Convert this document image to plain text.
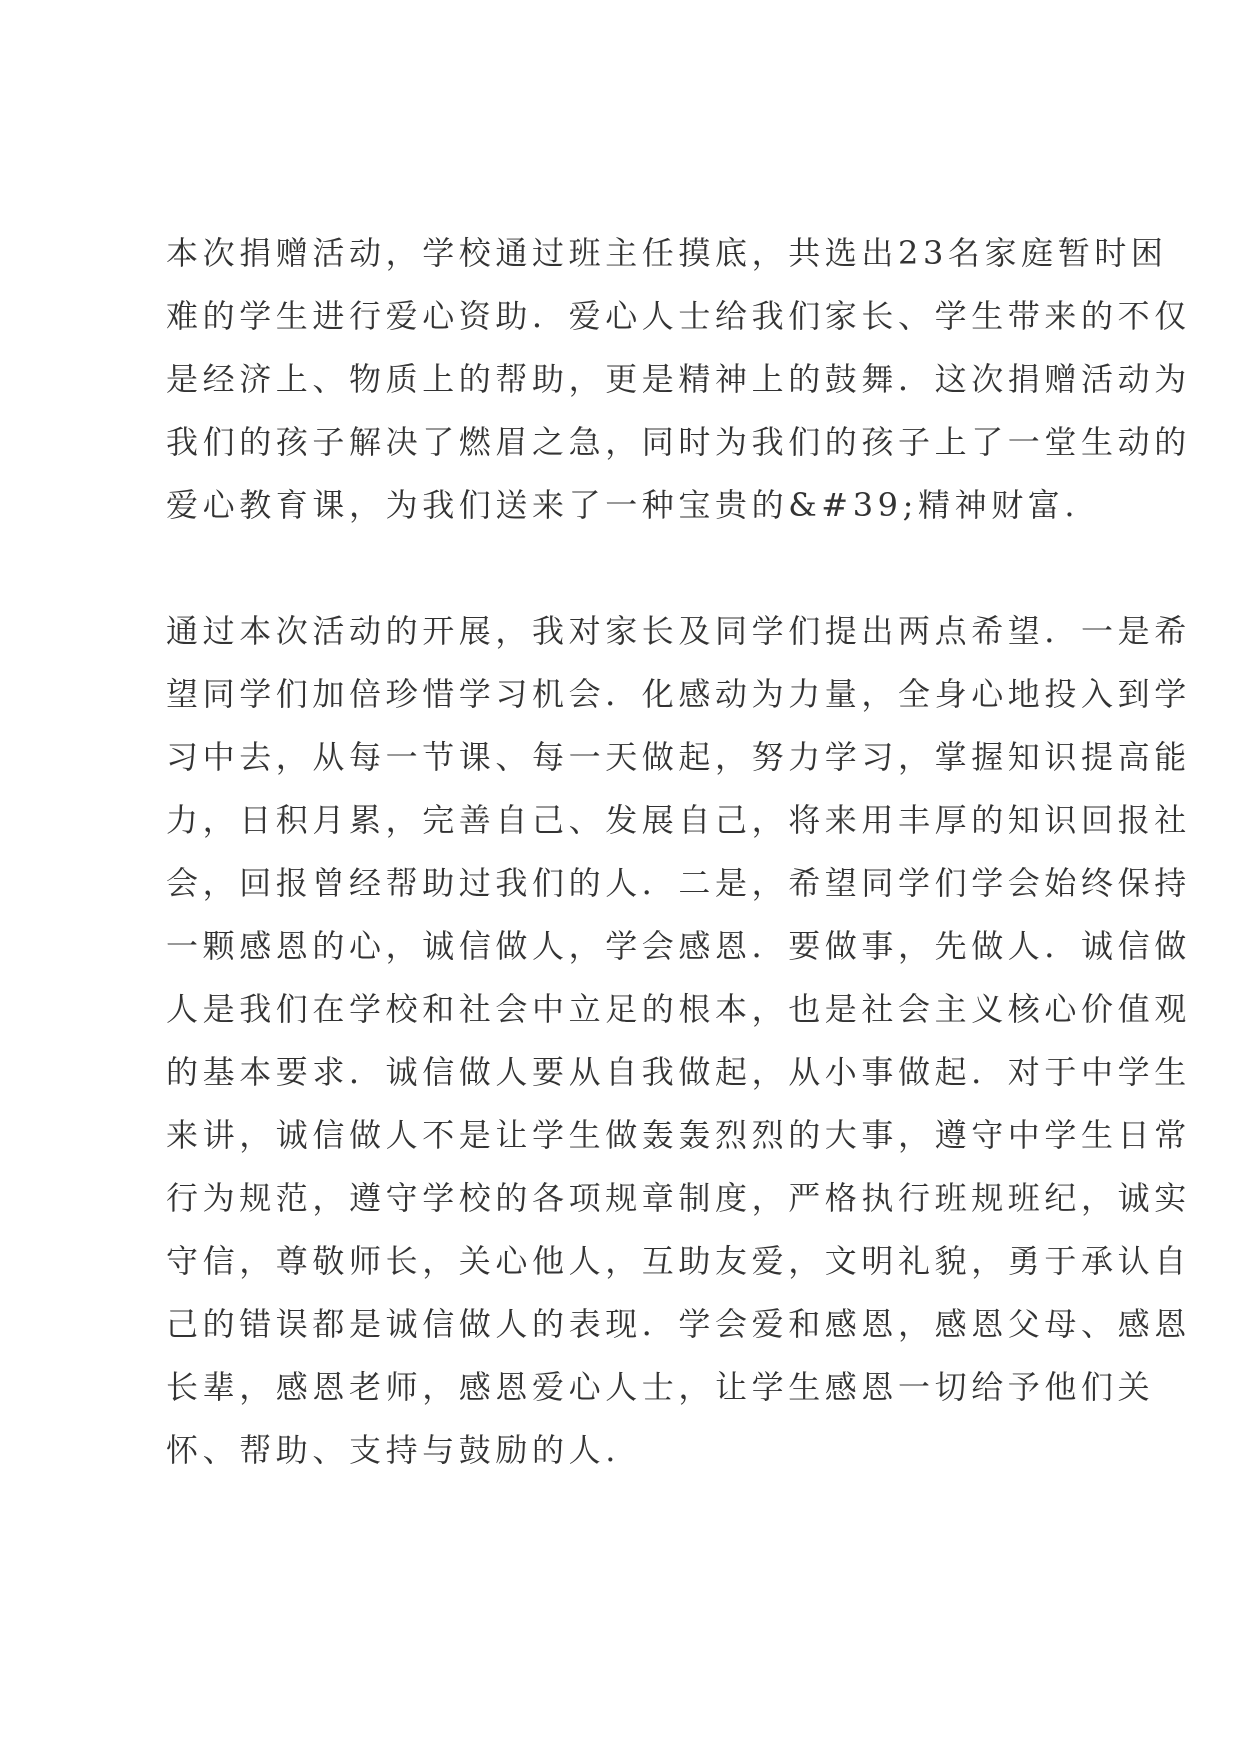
本次捐赠活动，学校通过班主任摸底，共选出23名家庭暂时困
难的学生进行爱心资助．爱心人士给我们家长、学生带来的不仅
是经济上、物质上的帮助，更是精神上的鼓舞．这次捐赠活动为
我们的孩子解决了燃眉之急，同时为我们的孩子上了一堂生动的
爱心教育课，为我们送来了一种宝贵的&#39;精神财富.
通过本次活动的开展，我对家长及同学们提出两点希望．一是希
望同学们加倍珍惜学习机会．化感动为力量，全身心地投入到学
习中去，从每一节课、每一天做起，努力学习，掌握知识提高能
力，日积月累，完善自己、发展自己，将来用丰厚的知识回报社
会，回报曾经帮助过我们的人．二是，希望同学们学会始终保持
一颗感恩的心，诚信做人，学会感恩．要做事，先做人．诚信做
人是我们在学校和社会中立足的根本，也是社会主义核心价值观
的基本要求．诚信做人要从自我做起，从小事做起．对于中学生
来讲，诚信做人不是让学生做轰轰烈烈的大事，遵守中学生日常
行为规范，遵守学校的各项规章制度，严格执行班规班纪，诚实
守信，尊敬师长，关心他人，互助友爱，文明礼貌，勇于承认自
己的错误都是诚信做人的表现．学会爱和感恩，感恩父母、感恩
长辈，感恩老师，感恩爱心人士，让学生感恩一切给予他们关
怀、帮助、支持与鼓励的人.
